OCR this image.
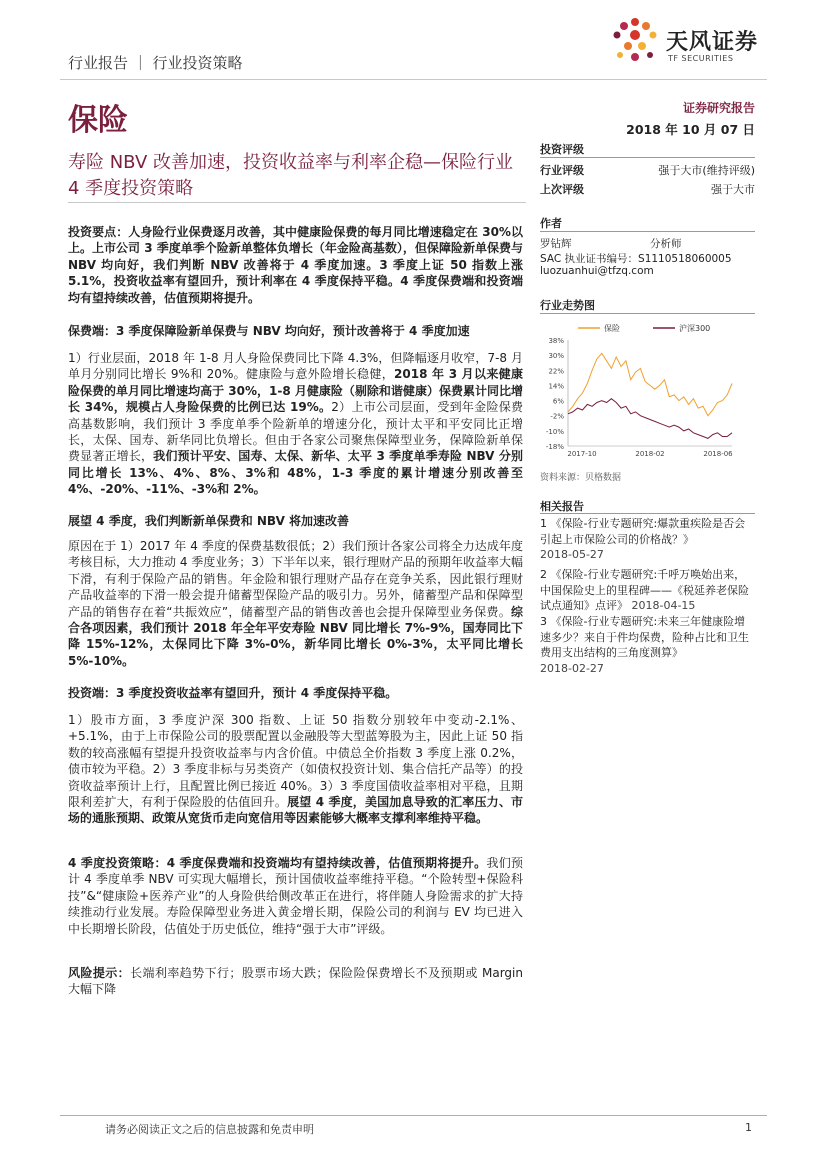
行业报告 ｜ 行业投资策略
天风证券
TF SECURITIES
保险	证券研究报告
2018 年 10 月 07 日
寿险 NBV 改善加速，投资收益率与利率企稳—保险行业 4 季度投资策略
投资评级
行业评级	强于大市(维持评级)
上次评级	强于大市
作者
罗钻辉	分析师
SAC 执业证书编号：S1110518060005
luozuanhui@tfzq.com
行业走势图
38%
30%
22%
14%
6%
-2%
-10%
-18%
2017-10	2018-02	2018-06
保险	沪深300
资料来源：贝格数据
相关报告
1 《保险-行业专题研究:爆款重疾险是否会引起上市保险公司的价格战？》
2018-05-27
2 《保险-行业专题研究:千呼万唤始出来，中国保险史上的里程碑——《税延养老保险试点通知》点评》 2018-04-15
3 《保险-行业专题研究:未来三年健康险增速多少？来自于件均保费，险种占比和卫生费用支出结构的三角度测算》
2018-02-27
投资要点：人身险行业保费逐月改善，其中健康险保费的每月同比增速稳定在 30%以上。上市公司 3 季度单季个险新单整体负增长（年金险高基数），但保障险新单保费与 NBV 均向好，我们判断 NBV 改善将于 4 季度加速。3 季度上证 50 指数上涨 5.1%，投资收益率有望回升，预计利率在 4 季度保持平稳。4 季度保费端和投资端均有望持续改善，估值预期将提升。
保费端：3 季度保障险新单保费与 NBV 均向好，预计改善将于 4 季度加速
1）行业层面，2018 年 1-8 月人身险保费同比下降 4.3%，但降幅逐月收窄，7-8 月单月分别同比增长 9%和 20%。健康险与意外险增长稳健，2018 年 3 月以来健康险保费的单月同比增速均高于 30%，1-8 月健康险（剔除和谐健康）保费累计同比增长 34%，规模占人身险保费的比例已达 19%。2）上市公司层面，受到年金险保费高基数影响，我们预计 3 季度单季个险新单的增速分化，预计太平和平安同比正增长，太保、国寿、新华同比负增长。但由于各家公司聚焦保障型业务，保障险新单保费显著正增长，我们预计平安、国寿、太保、新华、太平 3 季度单季寿险 NBV 分别同比增长 13%、4%、8%、3%和 48%，1-3 季度的累计增速分别改善至 4%、-20%、-11%、-3%和 2%。
展望 4 季度，我们判断新单保费和 NBV 将加速改善
原因在于 1）2017 年 4 季度的保费基数很低；2）我们预计各家公司将全力达成年度考核目标，大力推动 4 季度业务；3）下半年以来，银行理财产品的预期年收益率大幅下滑，有利于保险产品的销售。年金险和银行理财产品存在竞争关系，因此银行理财产品收益率的下滑一般会提升储蓄型保险产品的吸引力。另外，储蓄型产品和保障型产品的销售存在着“共振效应”，储蓄型产品的销售改善也会提升保障型业务保费。综合各项因素，我们预计 2018 年全年平安寿险 NBV 同比增长 7%-9%，国寿同比下降 15%-12%，太保同比下降 3%-0%，新华同比增长 0%-3%，太平同比增长 5%-10%。
投资端：3 季度投资收益率有望回升，预计 4 季度保持平稳。
1）股市方面，3 季度沪深 300 指数、上证 50 指数分别较年中变动-2.1%、+5.1%，由于上市保险公司的股票配置以金融股等大型蓝筹股为主，因此上证 50 指数的较高涨幅有望提升投资收益率与内含价值。中债总全价指数 3 季度上涨 0.2%，债市较为平稳。2）3 季度非标与另类资产（如债权投资计划、集合信托产品等）的投资收益率预计上行，且配置比例已接近 40%。3）3 季度国债收益率相对平稳，且期限利差扩大，有利于保险股的估值回升。展望 4 季度，美国加息导致的汇率压力、市场的通胀预期、政策从宽货币走向宽信用等因素能够大概率支撑利率维持平稳。
4 季度投资策略：4 季度保费端和投资端均有望持续改善，估值预期将提升。我们预计 4 季度单季 NBV 可实现大幅增长，预计国债收益率维持平稳。“个险转型+保险科技”&“健康险+医养产业”的人身险供给侧改革正在进行，将伴随人身险需求的扩大持续推动行业发展。寿险保障型业务进入黄金增长期，保险公司的利润与 EV 均已进入中长期增长阶段，估值处于历史低位，维持“强于大市”评级。
风险提示：长端利率趋势下行；股票市场大跌；保险险保费增长不及预期或 Margin 大幅下降
请务必阅读正文之后的信息披露和免责申明	1
